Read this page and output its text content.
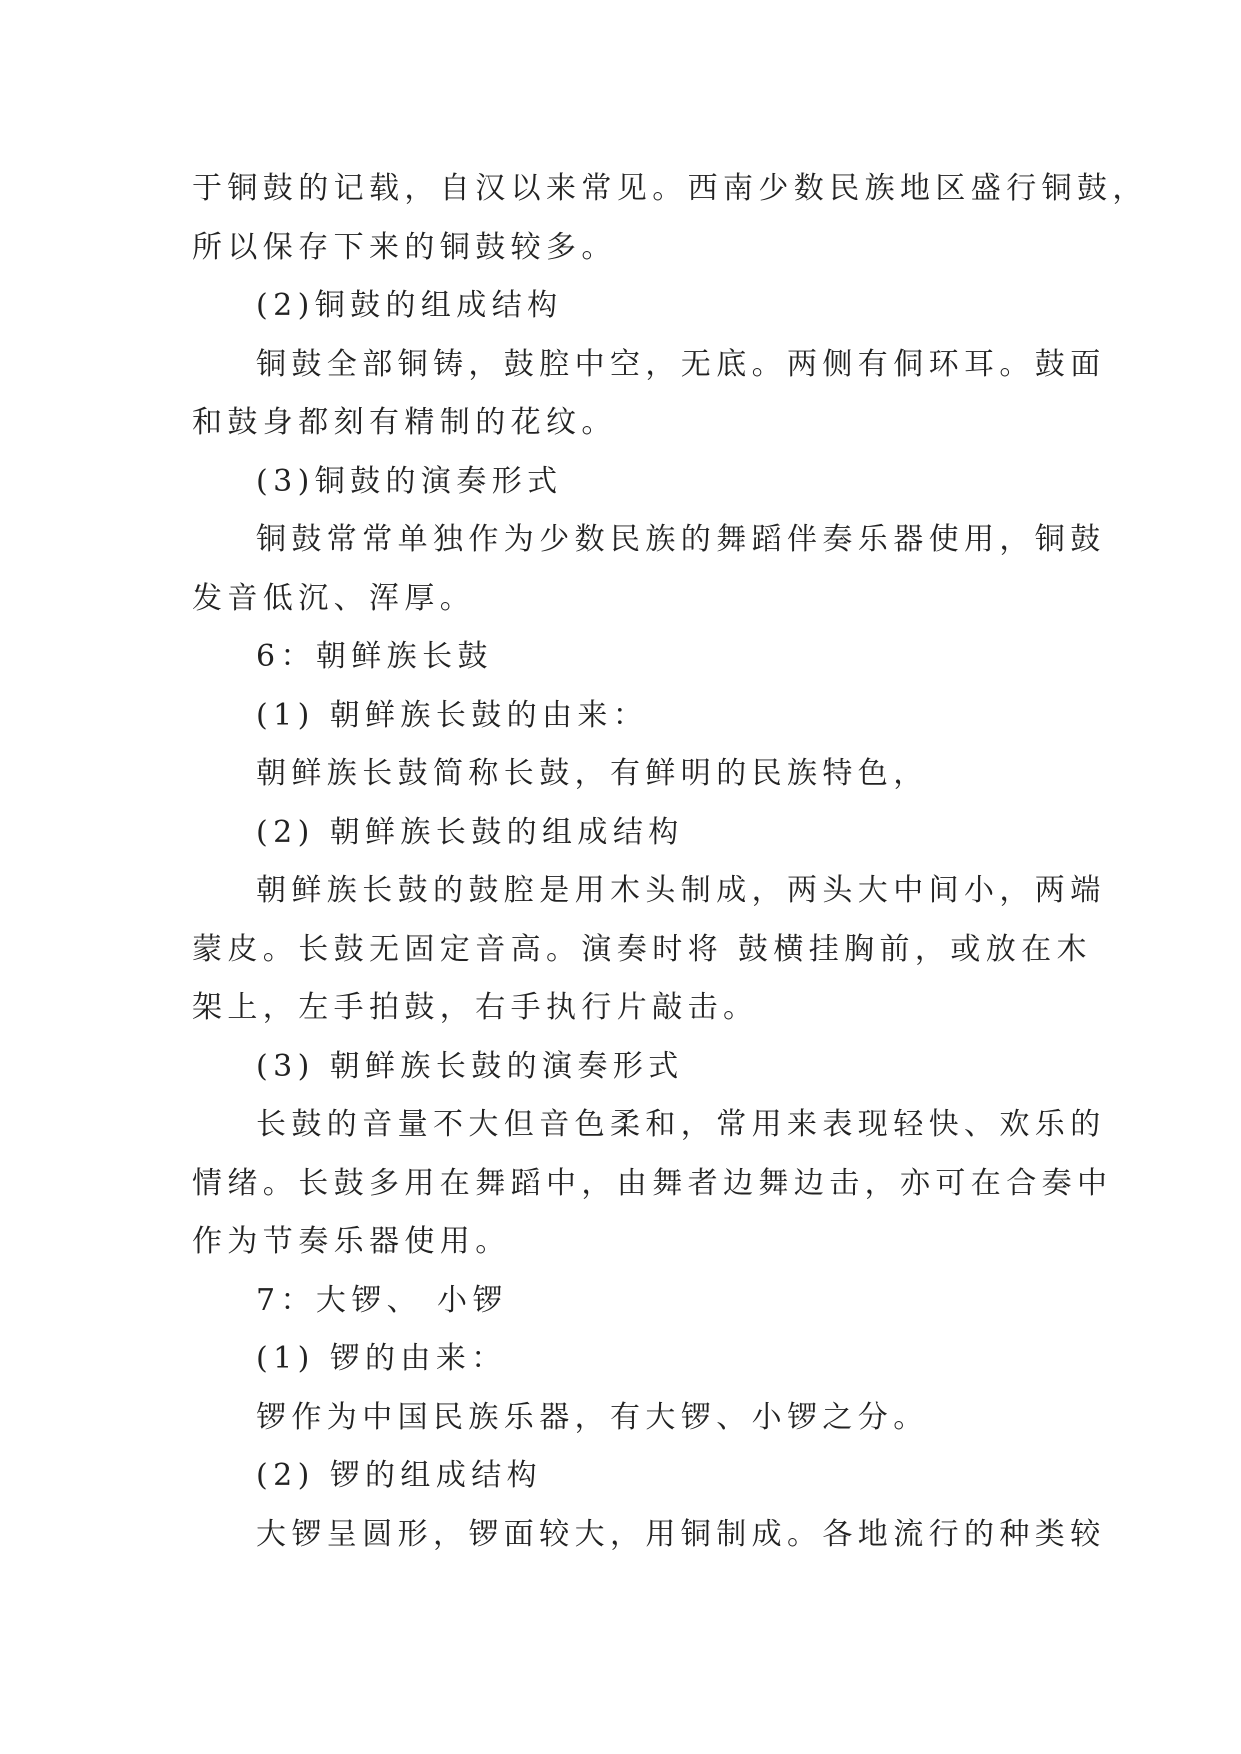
于铜鼓的记载，自汉以来常见。西南少数民族地区盛行铜鼓，
所以保存下来的铜鼓较多。
(2)铜鼓的组成结构
铜鼓全部铜铸，鼓腔中空，无底。两侧有侗环耳。鼓面
和鼓身都刻有精制的花纹。
(3)铜鼓的演奏形式
铜鼓常常单独作为少数民族的舞蹈伴奏乐器使用，铜鼓
发音低沉、浑厚。
6：朝鲜族长鼓
(1) 朝鲜族长鼓的由来：
朝鲜族长鼓简称长鼓，有鲜明的民族特色，
(2) 朝鲜族长鼓的组成结构
朝鲜族长鼓的鼓腔是用木头制成，两头大中间小，两端
蒙皮。长鼓无固定音高。演奏时将 鼓横挂胸前，或放在木
架上，左手拍鼓，右手执行片敲击。
(3) 朝鲜族长鼓的演奏形式
长鼓的音量不大但音色柔和，常用来表现轻快、欢乐的
情绪。长鼓多用在舞蹈中，由舞者边舞边击，亦可在合奏中
作为节奏乐器使用。
7：大锣、 小锣
(1) 锣的由来：
锣作为中国民族乐器，有大锣、小锣之分。
(2) 锣的组成结构
大锣呈圆形，锣面较大，用铜制成。各地流行的种类较
